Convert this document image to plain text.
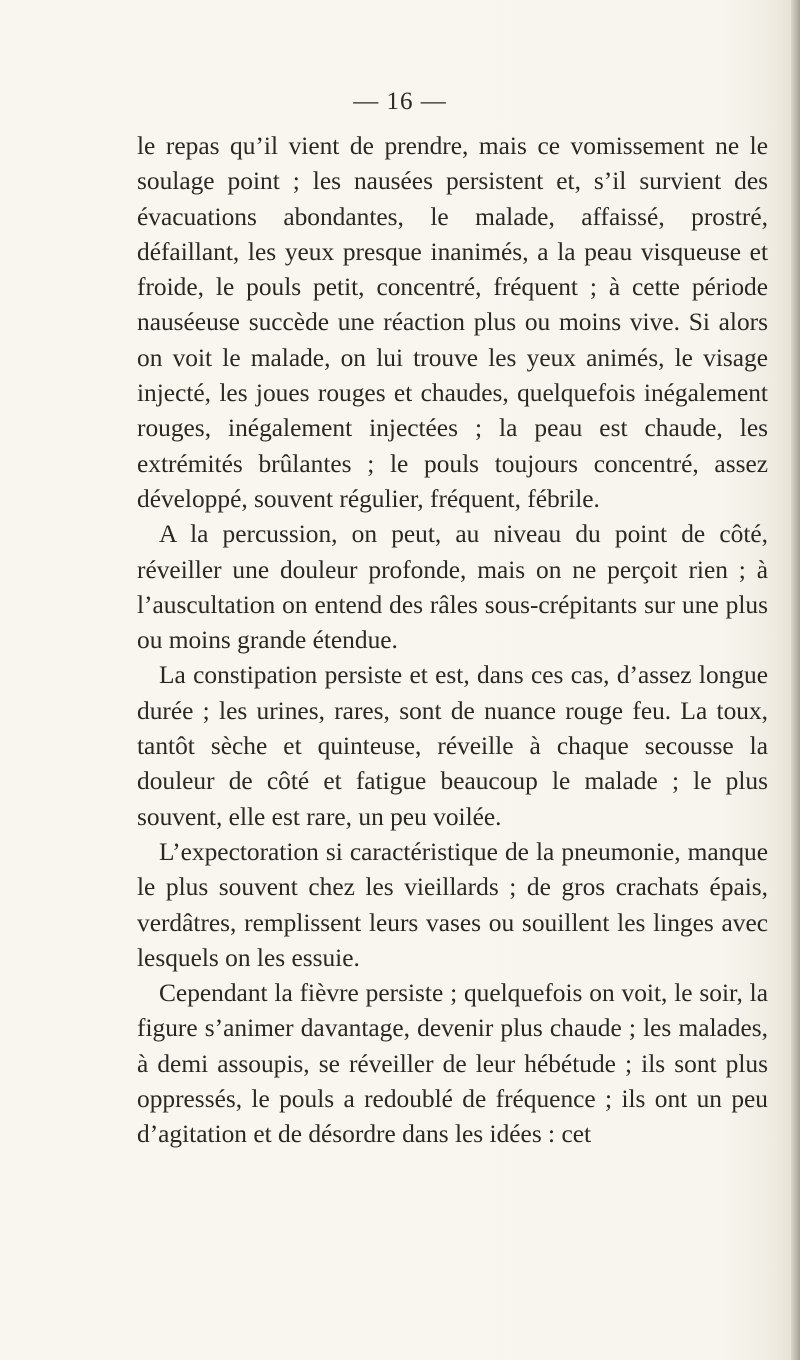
— 16 —

le repas qu’il vient de prendre, mais ce vomissement ne le soulage point ; les nausées persistent et, s’il survient des évacuations abondantes, le malade, affaissé, prostré, défaillant, les yeux presque inanimés, a la peau visqueuse et froide, le pouls petit, concentré, fréquent ; à cette période nauséeuse succède une réaction plus ou moins vive. Si alors on voit le malade, on lui trouve les yeux animés, le visage injecté, les joues rouges et chaudes, quelquefois inégalement rouges, inégalement injectées ; la peau est chaude, les extrémités brûlantes ; le pouls toujours concentré, assez développé, souvent régulier, fréquent, fébrile.

A la percussion, on peut, au niveau du point de côté, réveiller une douleur profonde, mais on ne perçoit rien ; à l’auscultation on entend des râles sous-crépitants sur une plus ou moins grande étendue.

La constipation persiste et est, dans ces cas, d’assez longue durée ; les urines, rares, sont de nuance rouge feu. La toux, tantôt sèche et quinteuse, réveille à chaque secousse la douleur de côté et fatigue beaucoup le malade ; le plus souvent, elle est rare, un peu voilée.

L’expectoration si caractéristique de la pneumonie, manque le plus souvent chez les vieillards ; de gros crachats épais, verdâtres, remplissent leurs vases ou souillent les linges avec lesquels on les essuie.

Cependant la fièvre persiste ; quelquefois on voit, le soir, la figure s’animer davantage, devenir plus chaude ; les malades, à demi assoupis, se réveiller de leur hébétude ; ils sont plus oppressés, le pouls a redoublé de fréquence ; ils ont un peu d’agitation et de désordre dans les idées : cet
